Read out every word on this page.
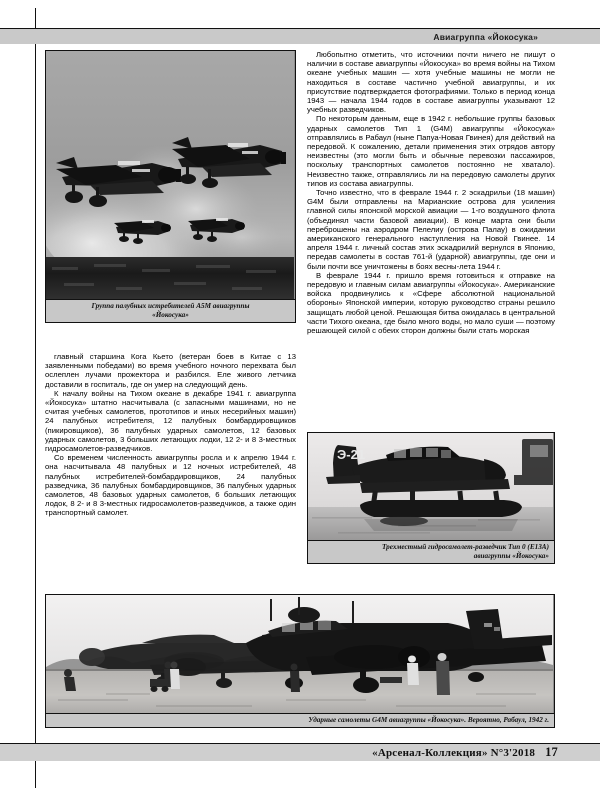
Авиагруппа «Йокосука»
Группа палубных истребителей A5M авиагруппы
«Йокосука»

главный старшина Кога Кьето (ветеран боев в Китае с 13 заявленными победами) во время учебного ночного перехвата был ослеплен лучами прожектора и разбился. Еле живого летчика доставили в госпиталь, где он умер на следующий день.

К началу войны на Тихом океане в декабре 1941 г. авиагруппа «Йокосука» штатно насчитывала (с запасными машинами, но не считая учебных самолетов, прототипов и иных несерийных машин) 24 палубных истребителя, 12 палубных бомбардировщиков (пикировщиков), 36 палубных ударных самолетов, 12 базовых ударных самолетов, 3 больших летающих лодки, 12 2- и 8 3-местных гидросамолетов-разведчиков.

Со временем численность авиагруппы росла и к апрелю 1944 г. она насчитывала 48 палубных и 12 ночных истребителей, 48 палубных истребителей-бомбардировщиков, 24 палубных разведчика, 36 палубных бомбардировщиков, 36 палубных ударных самолетов, 48 базовых ударных самолетов, 6 больших летающих лодок, 8 2- и 8 3-местных гидросамолетов-разведчиков, а также один транспортный самолет.

Любопытно отметить, что источники почти ничего не пишут о наличии в составе авиагруппы «Йокосука» во время войны на Тихом океане учебных машин — хотя учебные машины не могли не находиться в составе частично учебной авиагруппы, и их присутствие подтверждается фотографиями. Только в период конца 1943 — начала 1944 годов в составе авиагруппы указывают 12 учебных разведчиков.

По некоторым данным, еще в 1942 г. небольшие группы базовых ударных самолетов Тип 1 (G4M) авиагруппы «Йокосука» отправлялись в Рабаул (ныне Папуа-Новая Гвинея) для действий на передовой. К сожалению, детали применения этих отрядов автору неизвестны (это могли быть и обычные перевозки пассажиров, поскольку транспортных самолетов постоянно не хватало). Неизвестно также, отправлялись ли на передовую самолеты других типов из состава авиагруппы.

Точно известно, что в феврале 1944 г. 2 эскадрильи (18 машин) G4M были отправлены на Марианские острова для усиления главной силы японской морской авиации — 1-го воздушного флота (объединял части базовой авиации). В конце марта они были переброшены на аэродром Пелелиу (острова Палау) в ожидании американского генерального наступления на Новой Гвинее. 14 апреля 1944 г. личный состав этих эскадрилий вернулся в Японию, передав самолеты в состав 761-й (ударной) авиагруппы, где они и были почти все уничтожены в боях весны-лета 1944 г.

В феврале 1944 г. пришло время готовиться к отправке на передовую и главным силам авиагруппы «Йокосука». Американские войска продвинулись к «Сфере абсолютной национальной обороны» Японской империи, которую руководство страны решило защищать любой ценой. Решающая битва ожидалась в центральной части Тихого океана, где было много воды, но мало суши — поэтому решающей силой с обеих сторон должны были стать морская

Э-21
Трехместный гидросамолет-разведчик Тип 0 (E13A)
авиагруппы «Йокосука»
Ударные самолеты G4M авиагруппы «Йокосука». Вероятно, Рабаул, 1942 г.
«Арсенал-Коллекция» N°3'2018 17
